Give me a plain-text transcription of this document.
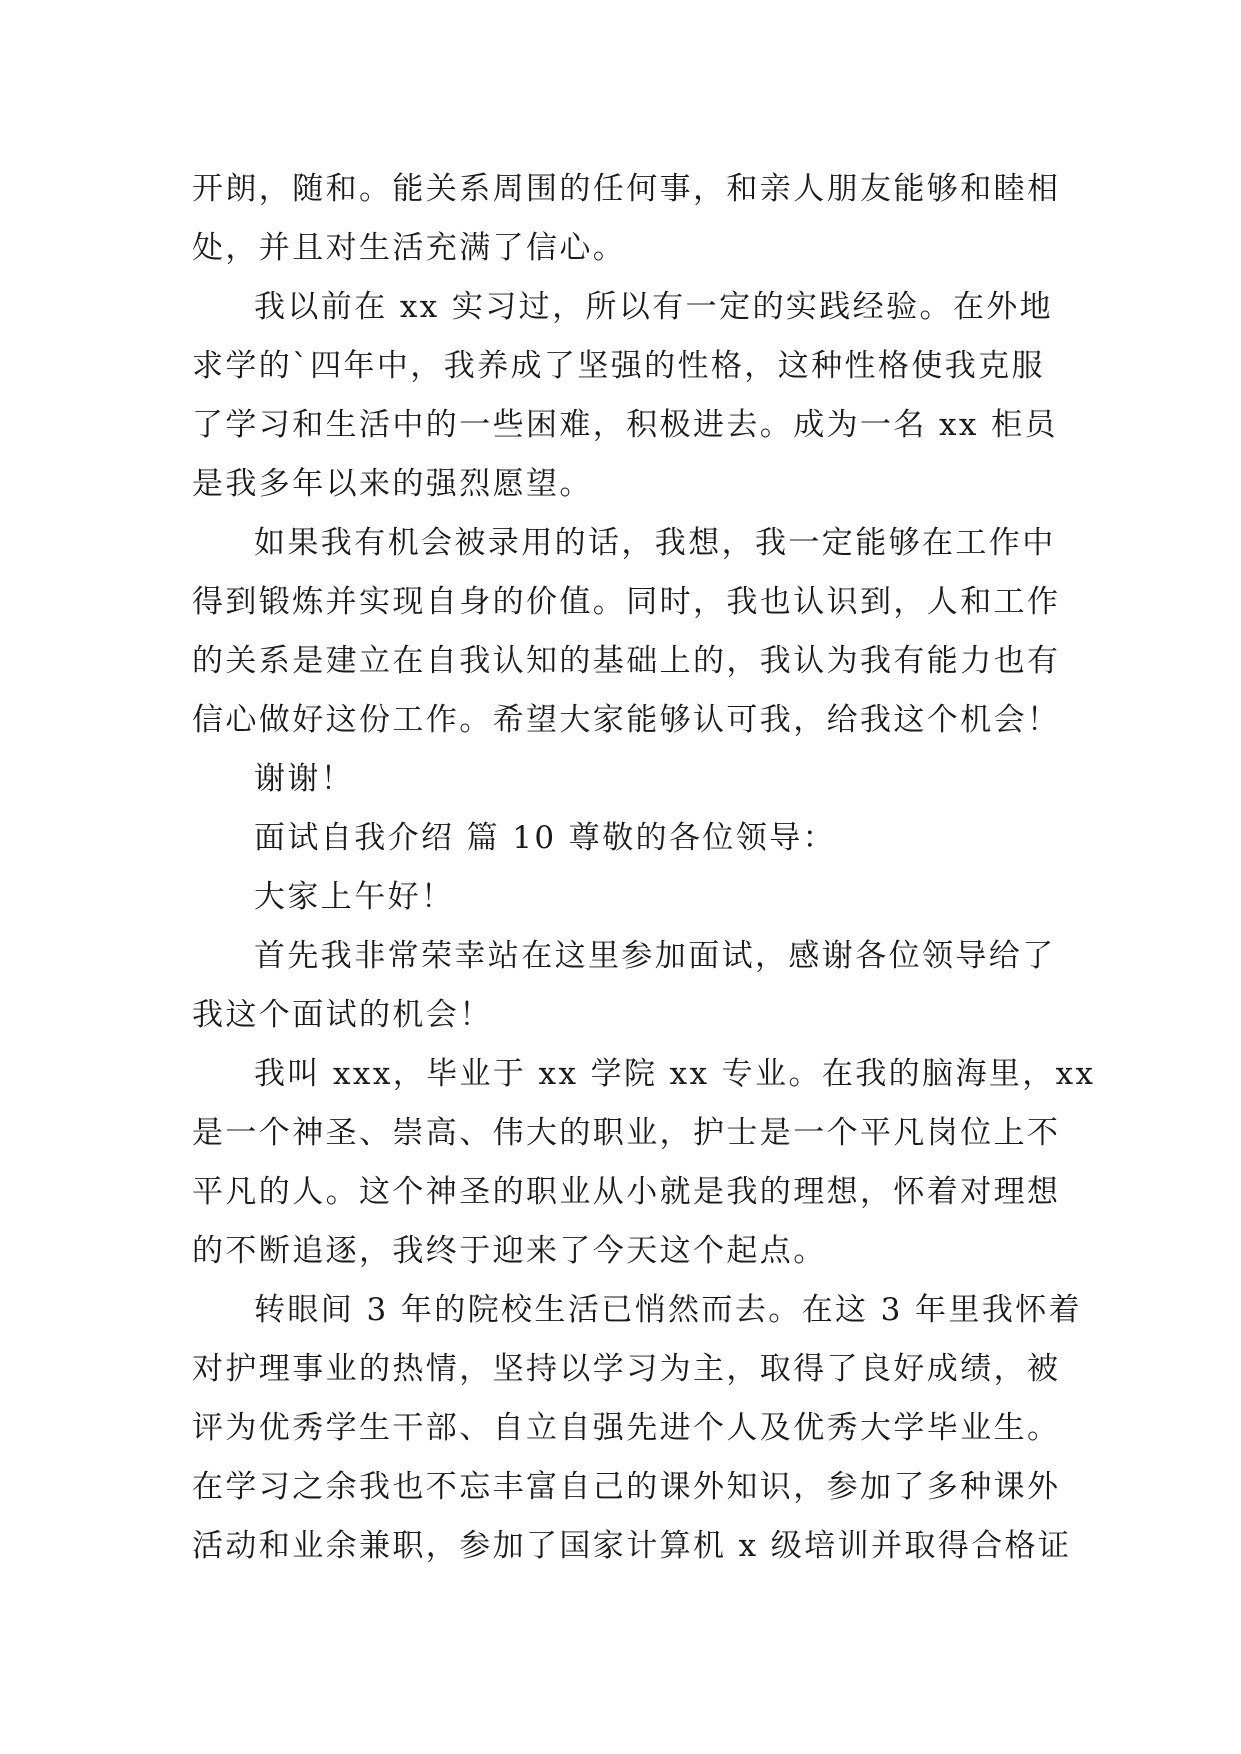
开朗，随和。能关系周围的任何事，和亲人朋友能够和睦相
处，并且对生活充满了信心。
我以前在 xx 实习过，所以有一定的实践经验。在外地
求学的`四年中，我养成了坚强的性格，这种性格使我克服
了学习和生活中的一些困难，积极进去。成为一名 xx 柜员
是我多年以来的强烈愿望。
如果我有机会被录用的话，我想，我一定能够在工作中
得到锻炼并实现自身的价值。同时，我也认识到，人和工作
的关系是建立在自我认知的基础上的，我认为我有能力也有
信心做好这份工作。希望大家能够认可我，给我这个机会！
谢谢！
面试自我介绍 篇 10 尊敬的各位领导：
大家上午好！
首先我非常荣幸站在这里参加面试，感谢各位领导给了
我这个面试的机会！
我叫 xxx，毕业于 xx 学院 xx 专业。在我的脑海里，xx
是一个神圣、崇高、伟大的职业，护士是一个平凡岗位上不
平凡的人。这个神圣的职业从小就是我的理想，怀着对理想
的不断追逐，我终于迎来了今天这个起点。
转眼间 3 年的院校生活已悄然而去。在这 3 年里我怀着
对护理事业的热情，坚持以学习为主，取得了良好成绩，被
评为优秀学生干部、自立自强先进个人及优秀大学毕业生。
在学习之余我也不忘丰富自己的课外知识，参加了多种课外
活动和业余兼职，参加了国家计算机 x 级培训并取得合格证
